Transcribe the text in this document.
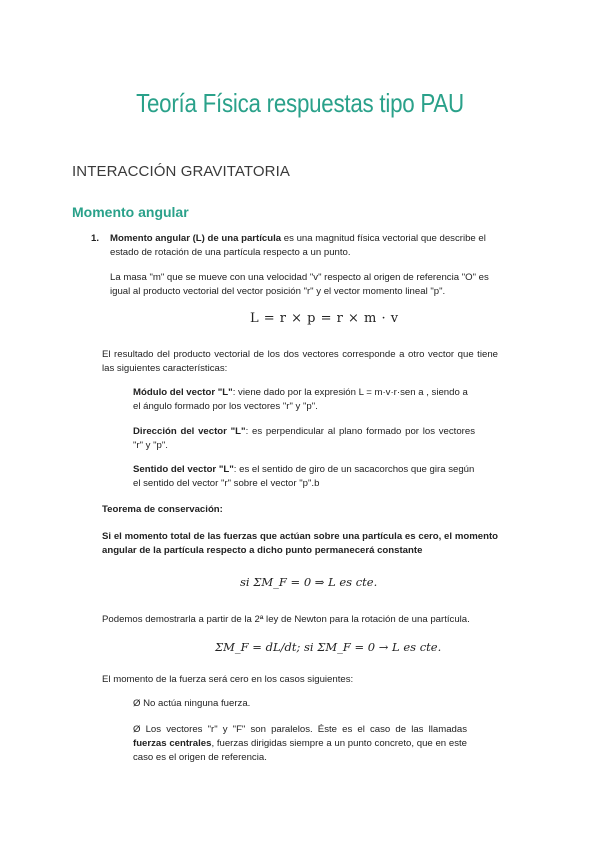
Teoría Física respuestas tipo PAU
INTERACCIÓN GRAVITATORIA
Momento angular
1. Momento angular (L) de una partícula es una magnitud física vectorial que describe el estado de rotación de una partícula respecto a un punto.
La masa "m" que se mueve con una velocidad "v" respecto al origen de referencia "O" es igual al producto vectorial del vector posición "r" y el vector momento lineal "p".
L = r × p = r × m · v
El resultado del producto vectorial de los dos vectores corresponde a otro vector que tiene las siguientes características:
Módulo del vector "L": viene dado por la expresión L = m·v·r·sen a , siendo a el ángulo formado por los vectores "r" y "p".
Dirección del vector "L": es perpendicular al plano formado por los vectores "r" y "p".
Sentido del vector "L": es el sentido de giro de un sacacorchos que gira según el sentido del vector "r" sobre el vector "p".b
Teorema de conservación:
Si el momento total de las fuerzas que actúan sobre una partícula es cero, el momento angular de la partícula respecto a dicho punto permanecerá constante
si ΣM_F = 0 ⇒ L es cte.
Podemos demostrarla a partir de la 2ª ley de Newton para la rotación de una partícula.
ΣM_F = dL/dt; si ΣM_F = 0 → L es cte.
El momento de la fuerza será cero en los casos siguientes:
Ø No actúa ninguna fuerza.
Ø Los vectores "r" y "F" son paralelos. Éste es el caso de las llamadas fuerzas centrales, fuerzas dirigidas siempre a un punto concreto, que en este caso es el origen de referencia.
